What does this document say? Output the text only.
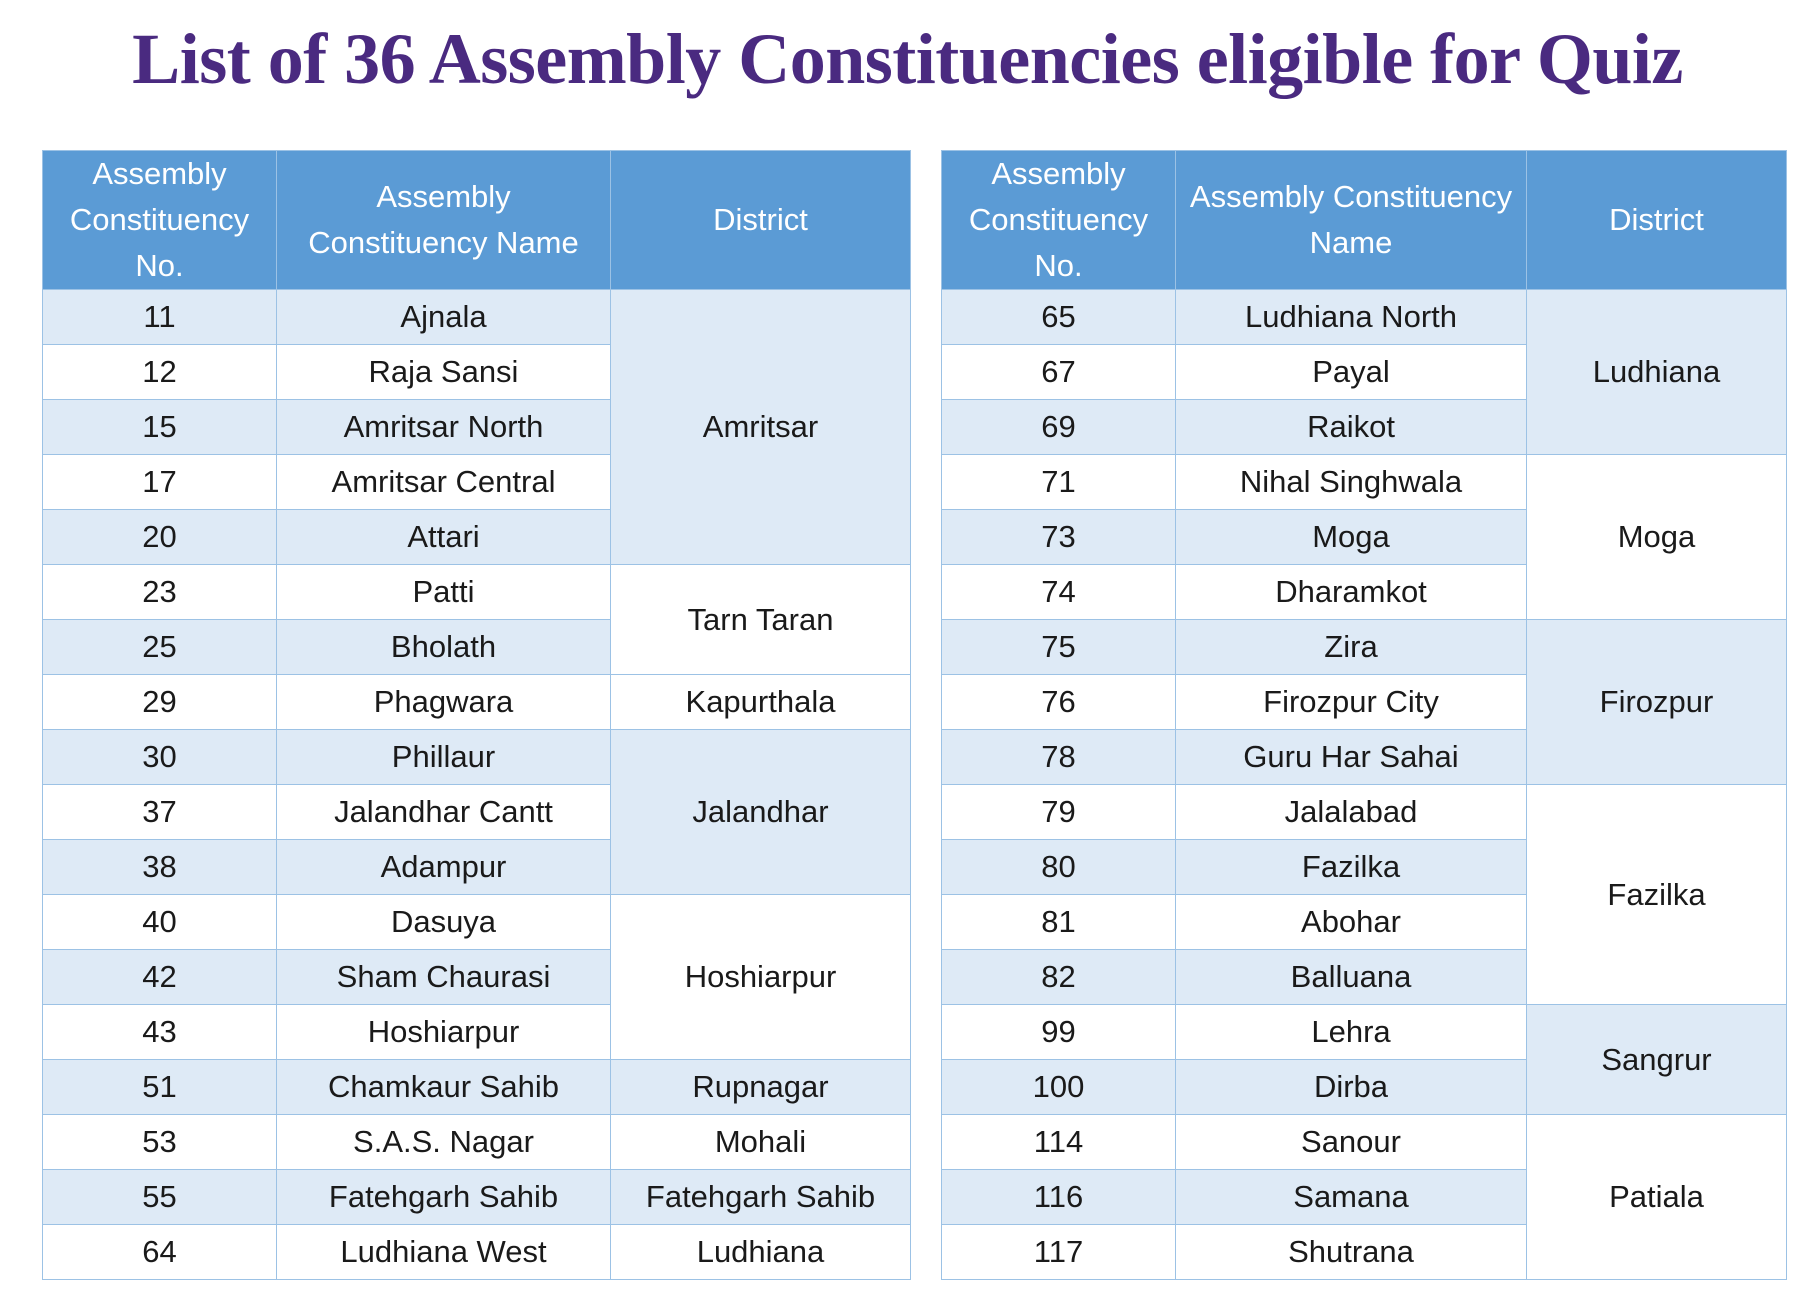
List of 36 Assembly Constituencies eligible for Quiz
Assembly Constituency No.	Assembly Constituency Name	District
11	Ajnala	Amritsar
12	Raja Sansi	
15	Amritsar North	
17	Amritsar Central	
20	Attari	
23	Patti	Tarn Taran
25	Bholath	
29	Phagwara	Kapurthala
30	Phillaur	Jalandhar
37	Jalandhar Cantt	
38	Adampur	
40	Dasuya	Hoshiarpur
42	Sham Chaurasi	
43	Hoshiarpur	
51	Chamkaur Sahib	Rupnagar
53	S.A.S. Nagar	Mohali
55	Fatehgarh Sahib	Fatehgarh Sahib
64	Ludhiana West	Ludhiana
Assembly Constituency No.	Assembly Constituency Name	District
65	Ludhiana North	Ludhiana
67	Payal	
69	Raikot	
71	Nihal Singhwala	Moga
73	Moga	
74	Dharamkot	
75	Zira	Firozpur
76	Firozpur City	
78	Guru Har Sahai	
79	Jalalabad	Fazilka
80	Fazilka	
81	Abohar	
82	Balluana	
99	Lehra	Sangrur
100	Dirba	
114	Sanour	Patiala
116	Samana	
117	Shutrana	
